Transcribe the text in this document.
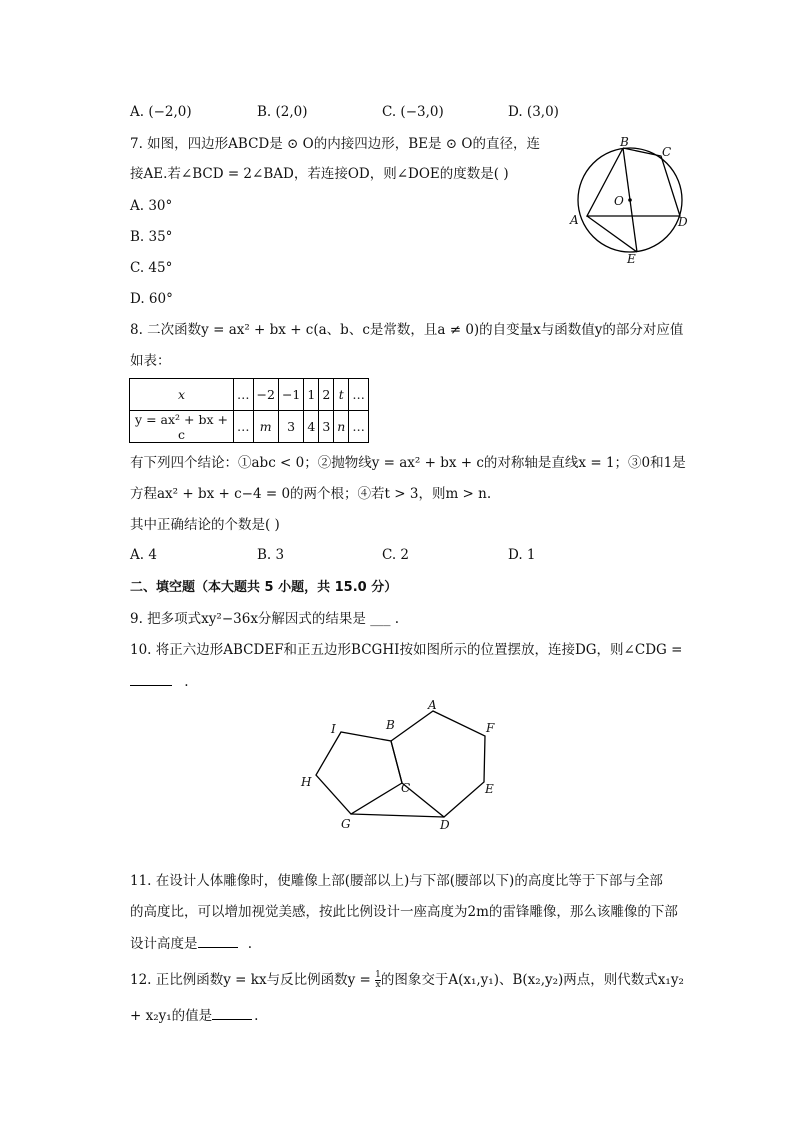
A. (−2,0)	B. (2,0)	C. (−3,0)	D. (3,0)
7. 如图，四边形ABCD是 ⊙ O的内接四边形，BE是 ⊙ O的直径，连
接AE.若∠BCD = 2∠BAD，若连接OD，则∠DOE的度数是( )
A. 30°
B. 35°
C. 45°
D. 60°
B
C
D
A
E
O
8. 二次函数y = ax² + bx + c(a、b、c是常数，且a ≠ 0)的自变量x与函数值y的部分对应值
如表：
x	…	−2	−1	1	2	t	…
y = ax² + bx + c	…	m	3	4	3	n	…
有下列四个结论：①abc < 0；②抛物线y = ax² + bx + c的对称轴是直线x = 1；③0和1是
方程ax² + bx + c−4 = 0的两个根；④若t > 3，则m > n.
其中正确结论的个数是( )
A. 4	B. 3	C. 2	D. 1
二、填空题（本大题共 5 小题，共 15.0 分）
9. 把多项式xy²−36x分解因式的结果是 ___ .
10. 将正六边形ABCDEF和正五边形BCGHI按如图所示的位置摆放，连接DG，则∠CDG =
.
A
F
E
D
C
B
G
H
I
11. 在设计人体雕像时，使雕像上部(腰部以上)与下部(腰部以下)的高度比等于下部与全部
的高度比，可以增加视觉美感，按此比例设计一座高度为2m的雷锋雕像，那么该雕像的下部
设计高度是	.
12. 正比例函数y = kx与反比例函数$y = \frac{1}{x}$ 的图象交于A(x₁,y₁)、B(x₂,y₂)两点，则代数式x₁y₂
+ x₂y₁的值是	.
